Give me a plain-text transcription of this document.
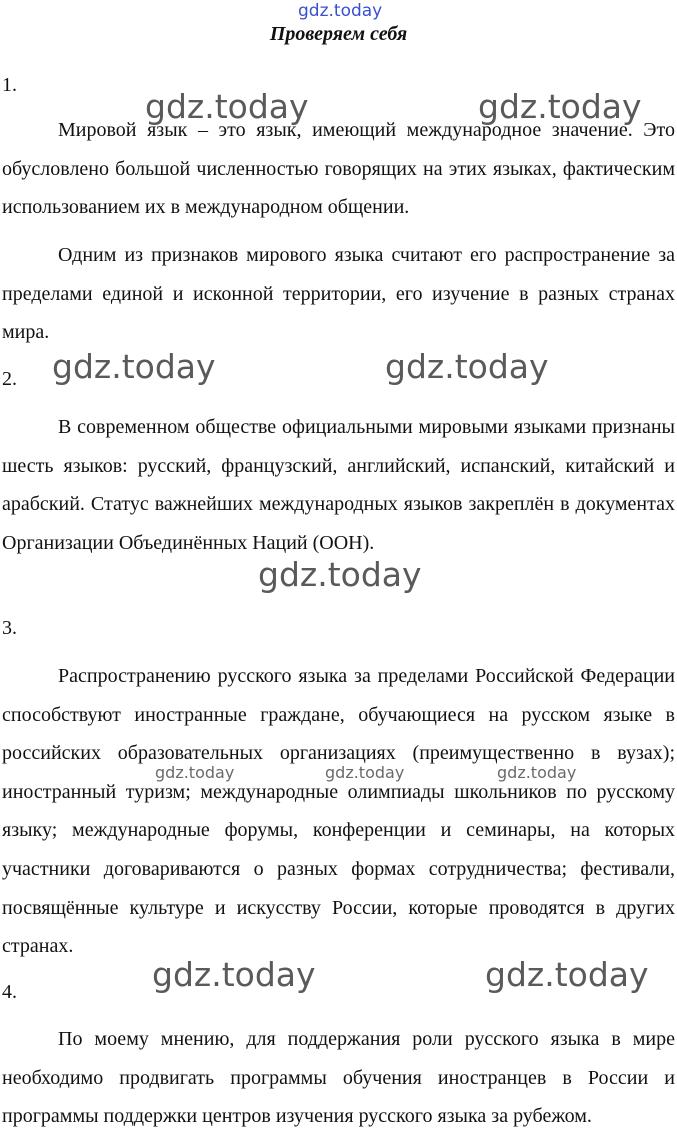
gdz.today
gdz.today	gdz.today
gdz.today	gdz.today
gdz.today
gdz.today	gdz.today	gdz.today
gdz.today	gdz.today
Проверяем себя
1.

Мировой язык – это язык, имеющий международное значение. Это обусловлено большой численностью говорящих на этих языках, фактическим использованием их в международном общении.

Одним из признаков мирового языка считают его распространение за пределами единой и исконной территории, его изучение в разных странах мира.

2.

В современном обществе официальными мировыми языками признаны шесть языков: русский, французский, английский, испанский, китайский и арабский. Статус важнейших международных языков закреплён в документах Организации Объединённых Наций (ООН).

3.

Распространению русского языка за пределами Российской Федерации способствуют иностранные граждане, обучающиеся на русском языке в российских образовательных организациях (преимущественно в вузах); иностранный туризм; международные олимпиады школьников по русскому языку; международные форумы, конференции и семинары, на которых участники договариваются о разных формах сотрудничества; фестивали, посвящённые культуре и искусству России, которые проводятся в других странах.

4.

По моему мнению, для поддержания роли русского языка в мире необходимо продвигать программы обучения иностранцев в России и программы поддержки центров изучения русского языка за рубежом.
